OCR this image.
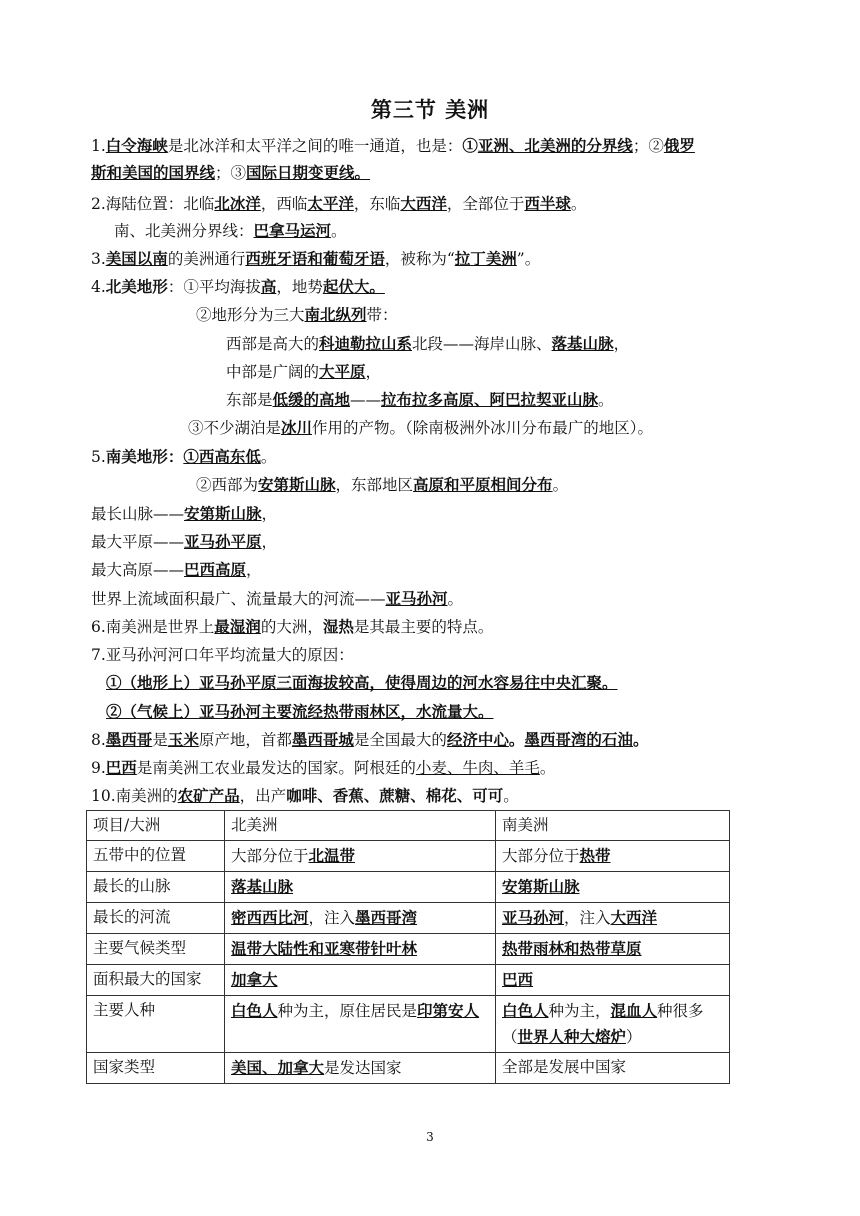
第三节 美洲
1.白令海峡是北冰洋和太平洋之间的唯一通道，也是：①亚洲、北美洲的分界线；②俄罗
斯和美国的国界线；③国际日期变更线。
2.海陆位置：北临北冰洋，西临太平洋，东临大西洋，全部位于西半球。
南、北美洲分界线：巴拿马运河。
3.美国以南的美洲通行西班牙语和葡萄牙语，被称为“拉丁美洲”。
4.北美地形：①平均海拔高，地势起伏大。
②地形分为三大南北纵列带：
西部是高大的科迪勒拉山系北段——海岸山脉、落基山脉，
中部是广阔的大平原，
东部是低缓的高地——拉布拉多高原、阿巴拉契亚山脉。
③不少湖泊是冰川作用的产物。（除南极洲外冰川分布最广的地区）。
5.南美地形：①西高东低。
②西部为安第斯山脉，东部地区高原和平原相间分布。
最长山脉——安第斯山脉，
最大平原——亚马孙平原，
最大高原——巴西高原，
世界上流域面积最广、流量最大的河流——亚马孙河。
6.南美洲是世界上最湿润的大洲，湿热是其最主要的特点。
7.亚马孙河河口年平均流量大的原因：
①（地形上）亚马孙平原三面海拔较高，使得周边的河水容易往中央汇聚。
②（气候上）亚马孙河主要流经热带雨林区，水流量大。
8.墨西哥是玉米原产地，首都墨西哥城是全国最大的经济中心。墨西哥湾的石油。
9.巴西是南美洲工农业最发达的国家。阿根廷的小麦、牛肉、羊毛。
10.南美洲的农矿产品，出产咖啡、香蕉、蔗糖、棉花、可可。
项目/大洲	北美洲	南美洲
五带中的位置	大部分位于北温带	大部分位于热带
最长的山脉	落基山脉	安第斯山脉
最长的河流	密西西比河，注入墨西哥湾	亚马孙河，注入大西洋
主要气候类型	温带大陆性和亚寒带针叶林	热带雨林和热带草原
面积最大的国家	加拿大	巴西
主要人种	白色人种为主，原住居民是印第安人	白色人种为主，混血人种很多
（世界人种大熔炉）
国家类型	美国、加拿大是发达国家	全部是发展中国家
3
